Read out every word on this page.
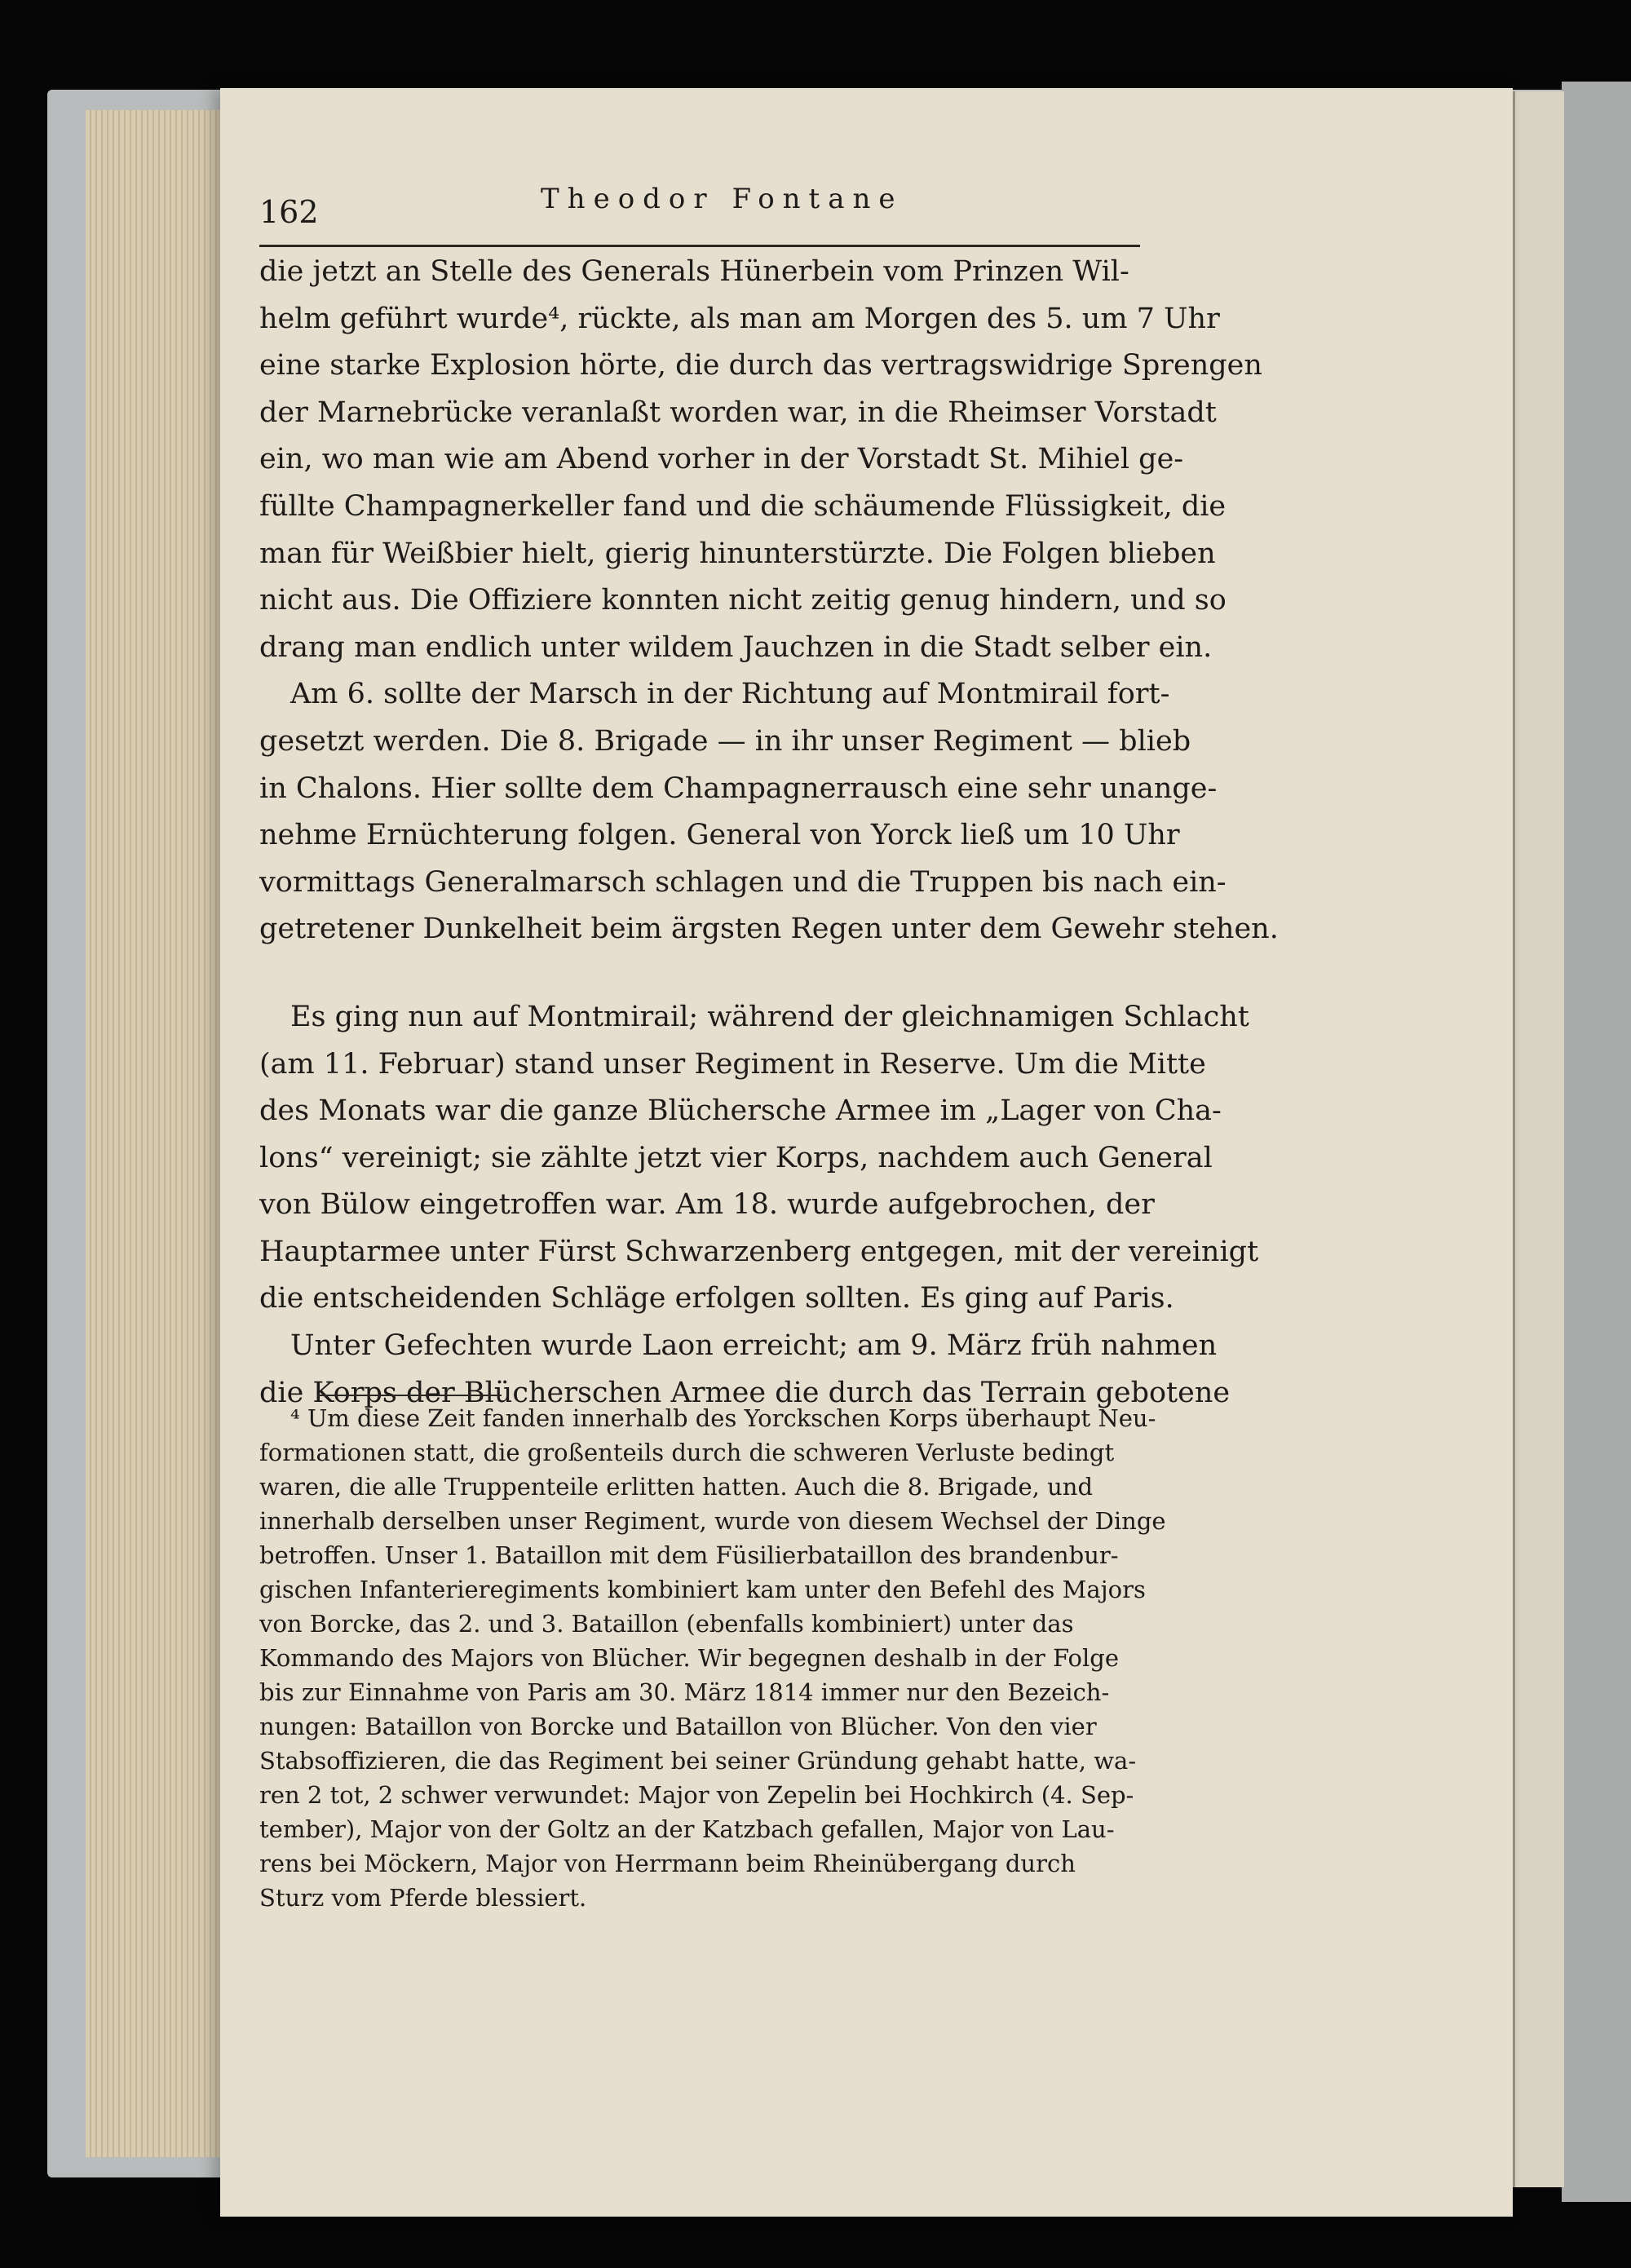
162	Theodor Fontane
die jetzt an Stelle des Generals Hünerbein vom Prinzen Wil-
helm geführt wurde⁴, rückte, als man am Morgen des 5. um 7 Uhr
eine starke Explosion hörte, die durch das vertragswidrige Sprengen
der Marnebrücke veranlaßt worden war, in die Rheimser Vorstadt
ein, wo man wie am Abend vorher in der Vorstadt St. Mihiel ge-
füllte Champagnerkeller fand und die schäumende Flüssigkeit, die
man für Weißbier hielt, gierig hinunterstürzte. Die Folgen blieben
nicht aus. Die Offiziere konnten nicht zeitig genug hindern, und so
drang man endlich unter wildem Jauchzen in die Stadt selber ein.
Am 6. sollte der Marsch in der Richtung auf Montmirail fort-
gesetzt werden. Die 8. Brigade — in ihr unser Regiment — blieb
in Chalons. Hier sollte dem Champagnerrausch eine sehr unange-
nehme Ernüchterung folgen. General von Yorck ließ um 10 Uhr
vormittags Generalmarsch schlagen und die Truppen bis nach ein-
getretener Dunkelheit beim ärgsten Regen unter dem Gewehr stehen.
Es ging nun auf Montmirail; während der gleichnamigen Schlacht
(am 11. Februar) stand unser Regiment in Reserve. Um die Mitte
des Monats war die ganze Blüchersche Armee im „Lager von Cha-
lons“ vereinigt; sie zählte jetzt vier Korps, nachdem auch General
von Bülow eingetroffen war. Am 18. wurde aufgebrochen, der
Hauptarmee unter Fürst Schwarzenberg entgegen, mit der vereinigt
die entscheidenden Schläge erfolgen sollten. Es ging auf Paris.
Unter Gefechten wurde Laon erreicht; am 9. März früh nahmen
die Korps der Blücherschen Armee die durch das Terrain gebotene
⁴ Um diese Zeit fanden innerhalb des Yorckschen Korps überhaupt Neu-
formationen statt, die großenteils durch die schweren Verluste bedingt
waren, die alle Truppenteile erlitten hatten. Auch die 8. Brigade, und
innerhalb derselben unser Regiment, wurde von diesem Wechsel der Dinge
betroffen. Unser 1. Bataillon mit dem Füsilierbataillon des brandenbur-
gischen Infanterieregiments kombiniert kam unter den Befehl des Majors
von Borcke, das 2. und 3. Bataillon (ebenfalls kombiniert) unter das
Kommando des Majors von Blücher. Wir begegnen deshalb in der Folge
bis zur Einnahme von Paris am 30. März 1814 immer nur den Bezeich-
nungen: Bataillon von Borcke und Bataillon von Blücher. Von den vier
Stabsoffizieren, die das Regiment bei seiner Gründung gehabt hatte, wa-
ren 2 tot, 2 schwer verwundet: Major von Zepelin bei Hochkirch (4. Sep-
tember), Major von der Goltz an der Katzbach gefallen, Major von Lau-
rens bei Möckern, Major von Herrmann beim Rheinübergang durch
Sturz vom Pferde blessiert.
